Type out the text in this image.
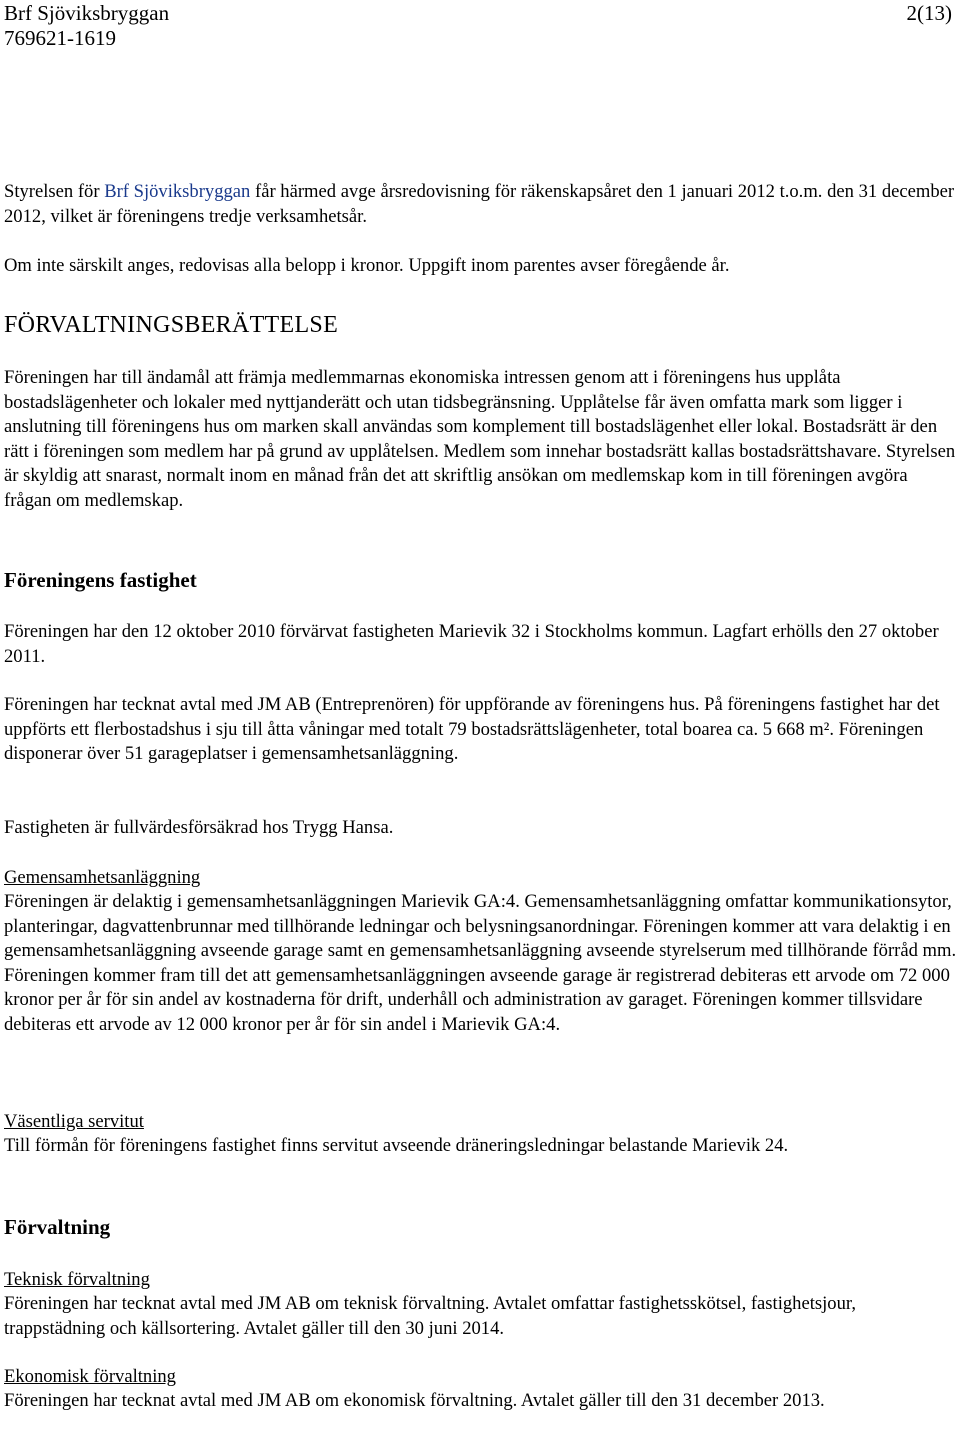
Brf Sjöviksbryggan
769621-1619
2(13)

Styrelsen för Brf Sjöviksbryggan får härmed avge årsredovisning för räkenskapsåret den 1 januari 2012 t.o.m. den 31 december 2012, vilket är föreningens tredje verksamhetsår.

Om inte särskilt anges, redovisas alla belopp i kronor. Uppgift inom parentes avser föregående år.

FÖRVALTNINGSBERÄTTELSE

Föreningen har till ändamål att främja medlemmarnas ekonomiska intressen genom att i föreningens hus upplåta bostadslägenheter och lokaler med nyttjanderätt och utan tidsbegränsning. Upplåtelse får även omfatta mark som ligger i anslutning till föreningens hus om marken skall användas som komplement till bostadslägenhet eller lokal. Bostadsrätt är den rätt i föreningen som medlem har på grund av upplåtelsen. Medlem som innehar bostadsrätt kallas bostadsrättshavare. Styrelsen är skyldig att snarast, normalt inom en månad från det att skriftlig ansökan om medlemskap kom in till föreningen avgöra frågan om medlemskap.

Föreningens fastighet

Föreningen har den 12 oktober 2010 förvärvat fastigheten Marievik 32 i Stockholms kommun. Lagfart erhölls den 27 oktober 2011.

Föreningen har tecknat avtal med JM AB (Entreprenören) för uppförande av föreningens hus. På föreningens fastighet har det uppförts ett flerbostadshus i sju till åtta våningar med totalt 79 bostadsrättslägenheter, total boarea ca. 5 668 m². Föreningen disponerar över 51 garageplatser i gemensamhetsanläggning.

Fastigheten är fullvärdesförsäkrad hos Trygg Hansa.

Gemensamhetsanläggning

Föreningen är delaktig i gemensamhetsanläggningen Marievik GA:4. Gemensamhetsanläggning omfattar kommunikationsytor, planteringar, dagvattenbrunnar med tillhörande ledningar och belysningsanordningar. Föreningen kommer att vara delaktig i en gemensamhetsanläggning avseende garage samt en gemensamhetsanläggning avseende styrelserum med tillhörande förråd mm.

Föreningen kommer fram till det att gemensamhetsanläggningen avseende garage är registrerad debiteras ett arvode om 72 000 kronor per år för sin andel av kostnaderna för drift, underhåll och administration av garaget. Föreningen kommer tillsvidare debiteras ett arvode av 12 000 kronor per år för sin andel i Marievik GA:4.

Väsentliga servitut

Till förmån för föreningens fastighet finns servitut avseende dräneringsledningar belastande Marievik 24.

Förvaltning
Teknisk förvaltning

Föreningen har tecknat avtal med JM AB om teknisk förvaltning. Avtalet omfattar fastighetsskötsel, fastighetsjour, trappstädning och källsortering. Avtalet gäller till den 30 juni 2014.

Ekonomisk förvaltning

Föreningen har tecknat avtal med JM AB om ekonomisk förvaltning. Avtalet gäller till den 31 december 2013.
